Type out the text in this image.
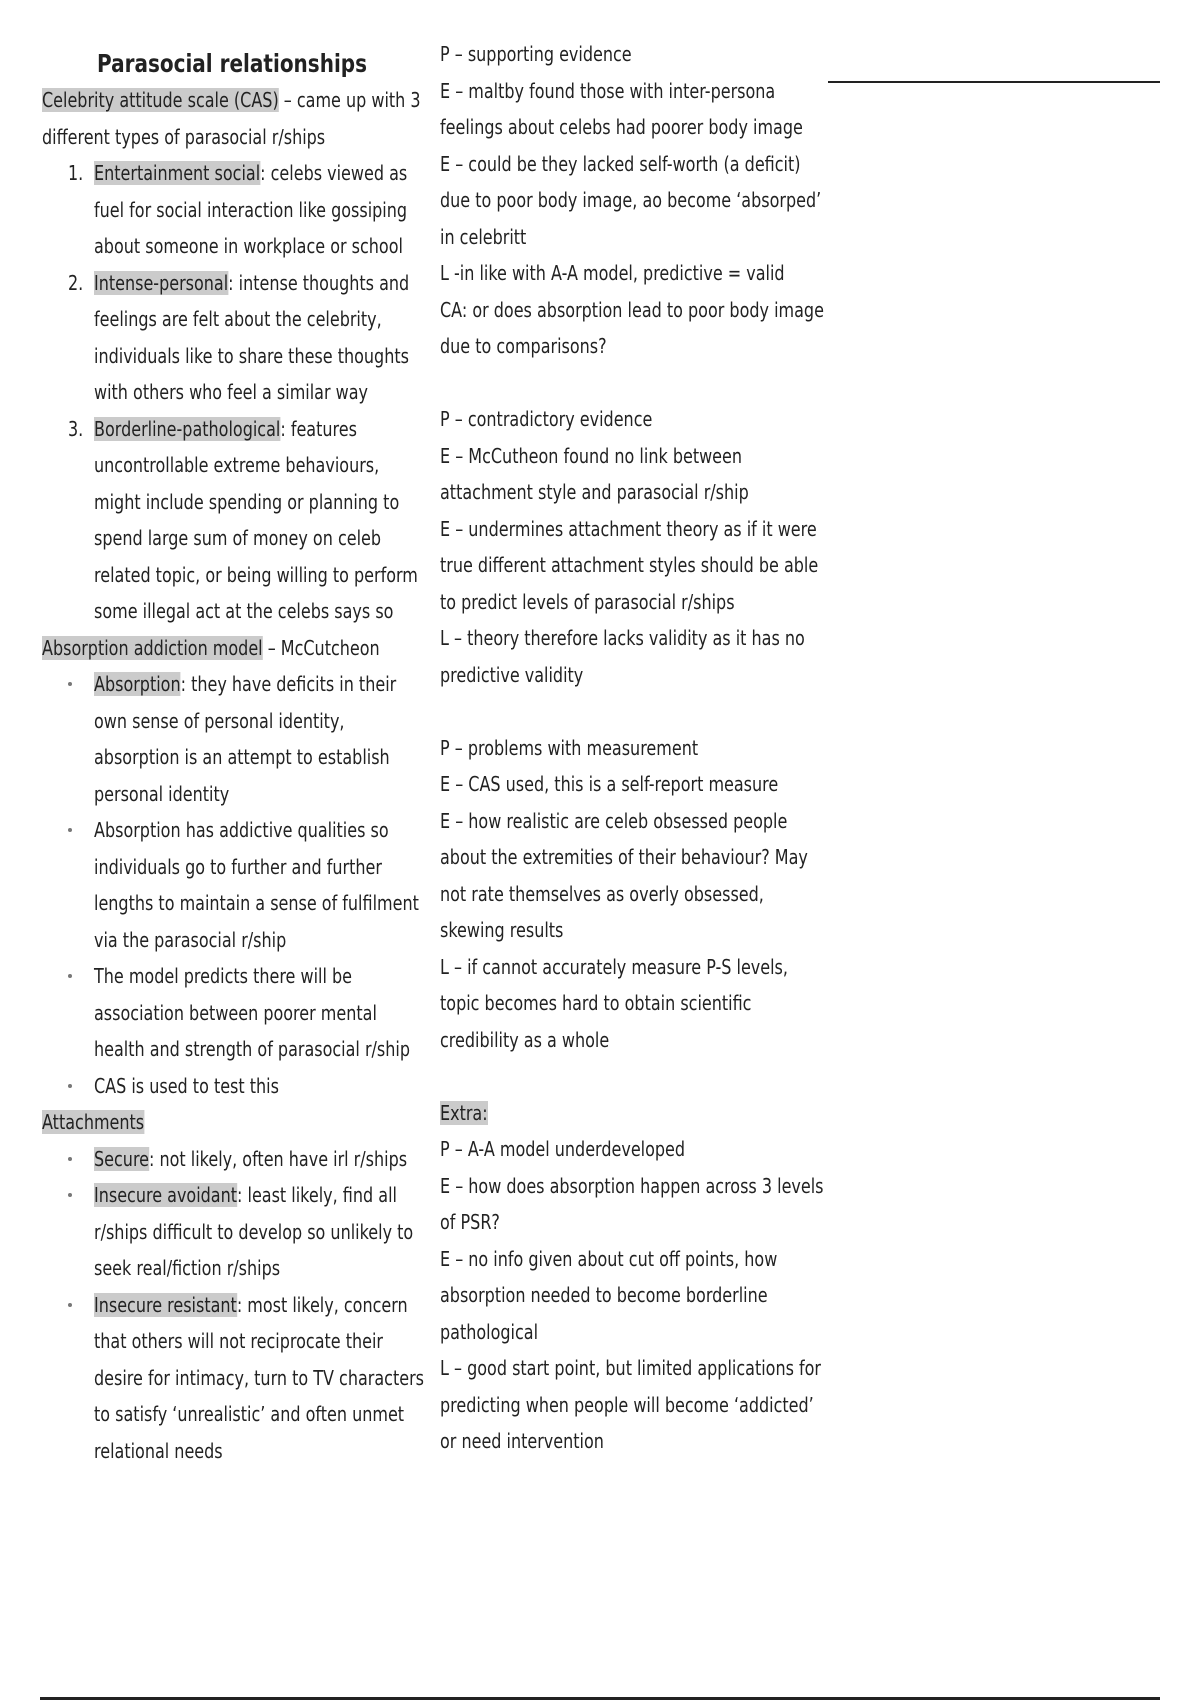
Parasocial relationships
Celebrity attitude scale (CAS) – came up with 3
different types of parasocial r/ships
1. Entertainment social: celebs viewed as
fuel for social interaction like gossiping
about someone in workplace or school
2. Intense-personal: intense thoughts and
feelings are felt about the celebrity,
individuals like to share these thoughts
with others who feel a similar way
3. Borderline-pathological: features
uncontrollable extreme behaviours,
might include spending or planning to
spend large sum of money on celeb
related topic, or being willing to perform
some illegal act at the celebs says so
Absorption addiction model – McCutcheon
Absorption: they have deficits in their
own sense of personal identity,
absorption is an attempt to establish
personal identity
Absorption has addictive qualities so
individuals go to further and further
lengths to maintain a sense of fulfilment
via the parasocial r/ship
The model predicts there will be
association between poorer mental
health and strength of parasocial r/ship
CAS is used to test this
Attachments
Secure: not likely, often have irl r/ships
Insecure avoidant: least likely, find all
r/ships difficult to develop so unlikely to
seek real/fiction r/ships
Insecure resistant: most likely, concern
that others will not reciprocate their
desire for intimacy, turn to TV characters
to satisfy ‘unrealistic’ and often unmet
relational needs
P – supporting evidence
E – maltby found those with inter-persona
feelings about celebs had poorer body image
E – could be they lacked self-worth (a deficit)
due to poor body image, ao become ‘absorped’
in celebritt
L -in like with A-A model, predictive = valid
CA: or does absorption lead to poor body image
due to comparisons?
P – contradictory evidence
E – McCutheon found no link between
attachment style and parasocial r/ship
E – undermines attachment theory as if it were
true different attachment styles should be able
to predict levels of parasocial r/ships
L – theory therefore lacks validity as it has no
predictive validity
P – problems with measurement
E – CAS used, this is a self-report measure
E – how realistic are celeb obsessed people
about the extremities of their behaviour? May
not rate themselves as overly obsessed,
skewing results
L – if cannot accurately measure P-S levels,
topic becomes hard to obtain scientific
credibility as a whole
Extra:
P – A-A model underdeveloped
E – how does absorption happen across 3 levels
of PSR?
E – no info given about cut off points, how
absorption needed to become borderline
pathological
L – good start point, but limited applications for
predicting when people will become ‘addicted’
or need intervention
